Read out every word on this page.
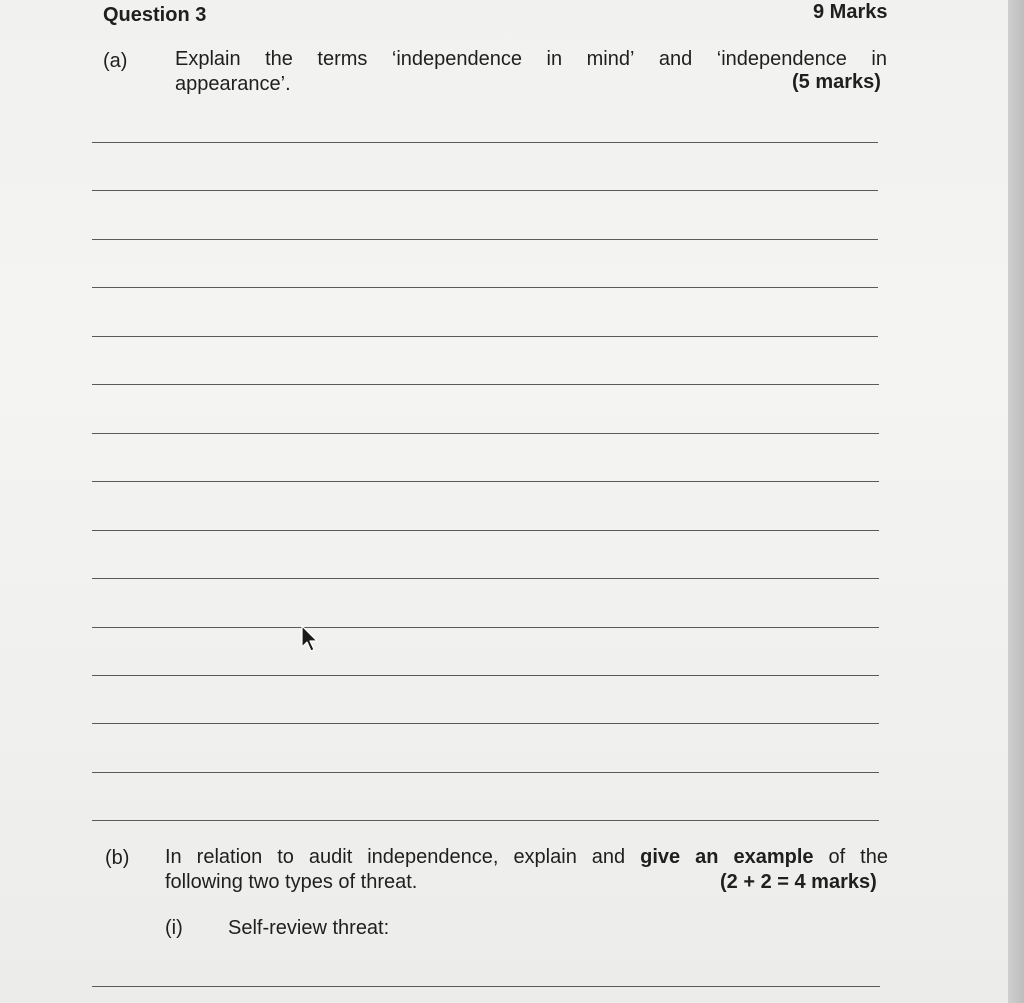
Question 3	9 Marks
(a) Explain the terms ‘independence in mind’ and ‘independence in
appearance’.	(5 marks)
(b) In relation to audit independence, explain and give an example of the
following two types of threat.	(2 + 2 = 4 marks)
(i) Self-review threat:
